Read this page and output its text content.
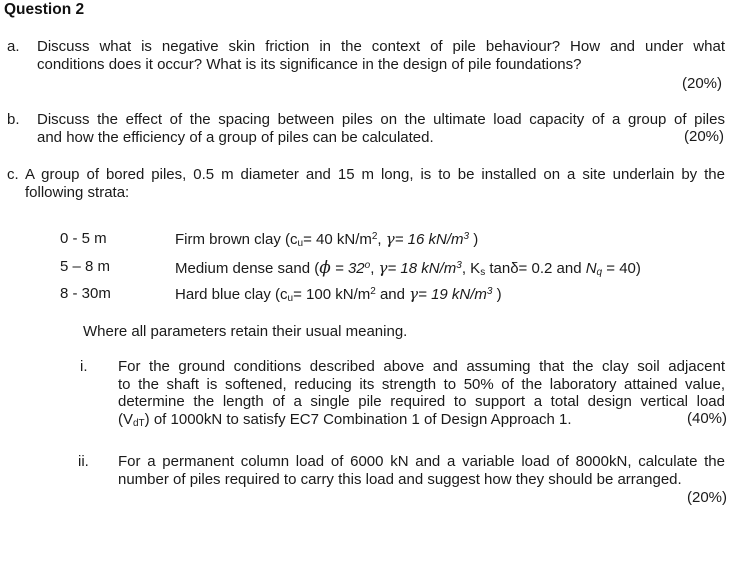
Question 2
a. Discuss what is negative skin friction in the context of pile behaviour? How and under what
conditions does it occur? What is its significance in the design of pile foundations?
(20%)
b. Discuss the effect of the spacing between piles on the ultimate load capacity of a group of piles
and how the efficiency of a group of piles can be calculated.	(20%)
c. A group of bored piles, 0.5 m diameter and 15 m long, is to be installed on a site underlain by the
following strata:
0 - 5 m	Firm brown clay ($c_u= 40$ $kN/m^2$, γ= 16 $kN/m^3$ )
5 – 8 m	Medium dense sand ($\phi = 32^o$, γ= 18 $kN/m^3$, $K_s$ tanδ= 0.2 and $N_q = 40$)
8 - 30m	Hard blue clay ($c_u= 100$ $kN/m^2$ and γ= 19 $kN/m^3$ )
Where all parameters retain their usual meaning.
i. For the ground conditions described above and assuming that the clay soil adjacent
to the shaft is softened, reducing its strength to 50% of the laboratory attained value,
determine the length of a single pile required to support a total design vertical load
$(V_{dT})$ of 1000kN to satisfy EC7 Combination 1 of Design Approach 1.	(40%)
ii. For a permanent column load of 6000 kN and a variable load of 8000kN, calculate the
number of piles required to carry this load and suggest how they should be arranged.
(20%)
